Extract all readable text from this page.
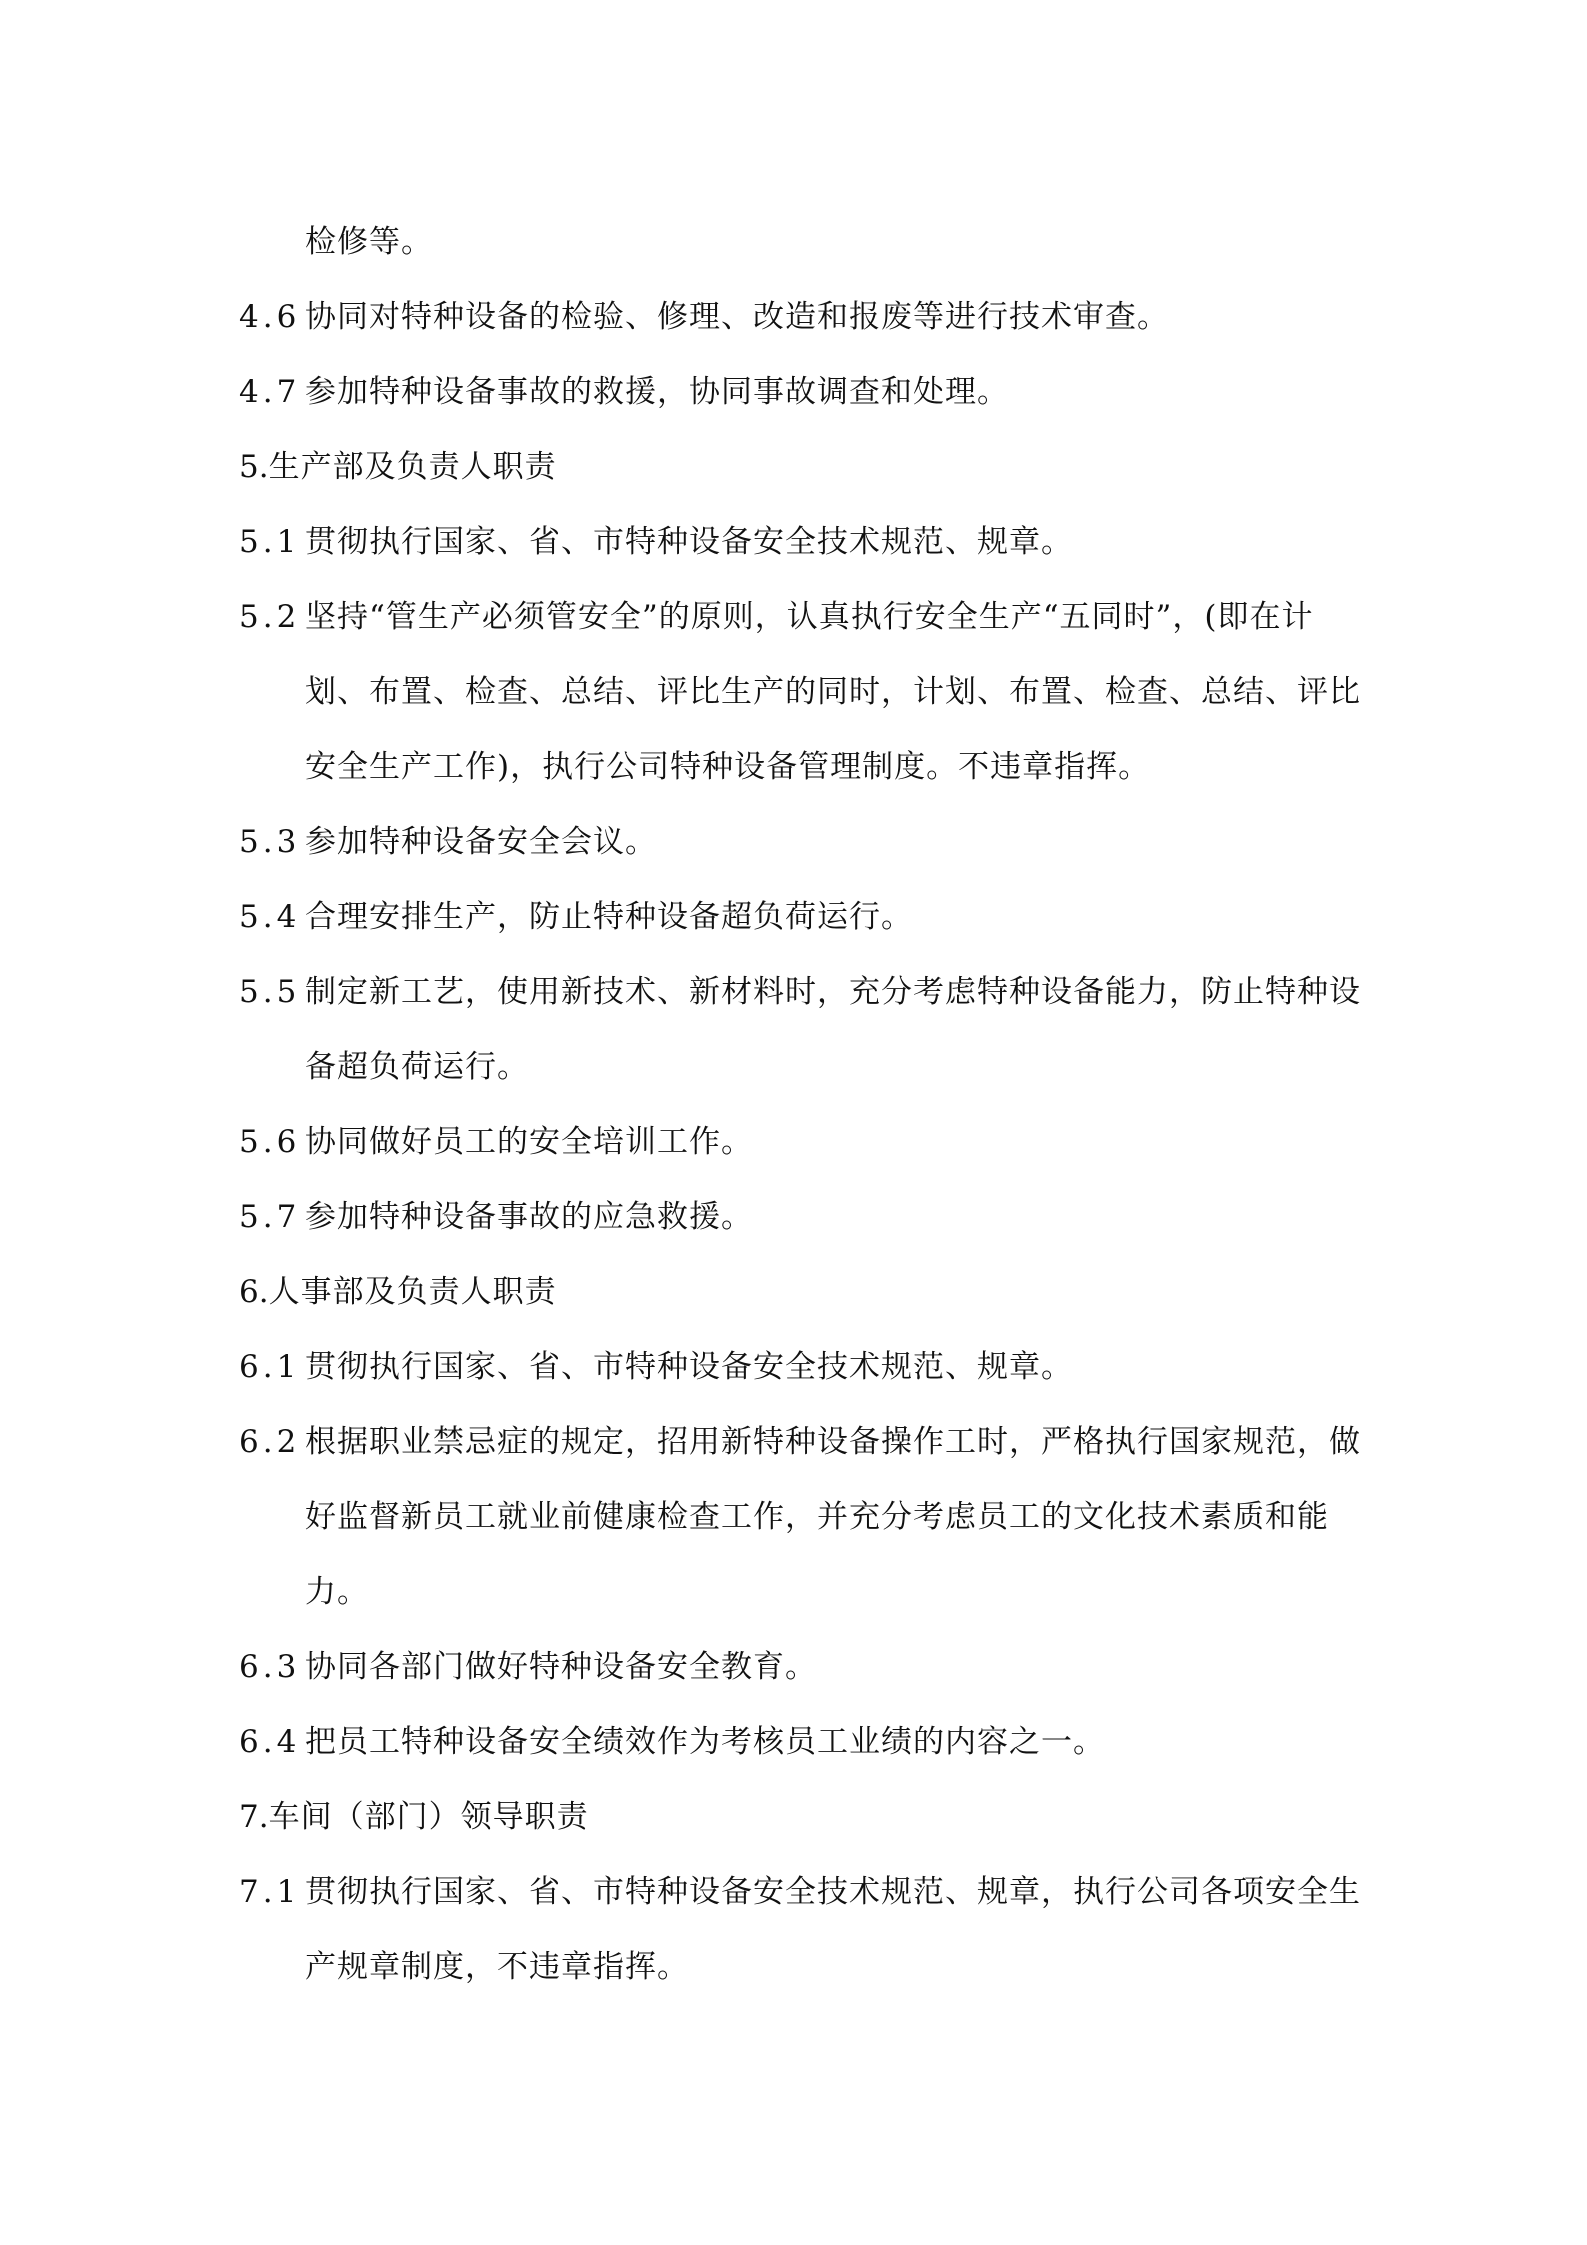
检修等。
4.6 协同对特种设备的检验、修理、改造和报废等进行技术审查。
4.7 参加特种设备事故的救援，协同事故调查和处理。
5.生产部及负责人职责
5.1 贯彻执行国家、省、市特种设备安全技术规范、规章。
5.2 坚持“管生产必须管安全”的原则，认真执行安全生产“五同时”，(即在计
划、布置、检查、总结、评比生产的同时，计划、布置、检查、总结、评比
安全生产工作)，执行公司特种设备管理制度。不违章指挥。
5.3 参加特种设备安全会议。
5.4 合理安排生产，防止特种设备超负荷运行。
5.5 制定新工艺，使用新技术、新材料时，充分考虑特种设备能力，防止特种设
备超负荷运行。
5.6 协同做好员工的安全培训工作。
5.7 参加特种设备事故的应急救援。
6.人事部及负责人职责
6.1 贯彻执行国家、省、市特种设备安全技术规范、规章。
6.2 根据职业禁忌症的规定，招用新特种设备操作工时，严格执行国家规范，做
好监督新员工就业前健康检查工作，并充分考虑员工的文化技术素质和能
力。
6.3 协同各部门做好特种设备安全教育。
6.4 把员工特种设备安全绩效作为考核员工业绩的内容之一。
7.车间（部门）领导职责
7.1 贯彻执行国家、省、市特种设备安全技术规范、规章，执行公司各项安全生
产规章制度，不违章指挥。
